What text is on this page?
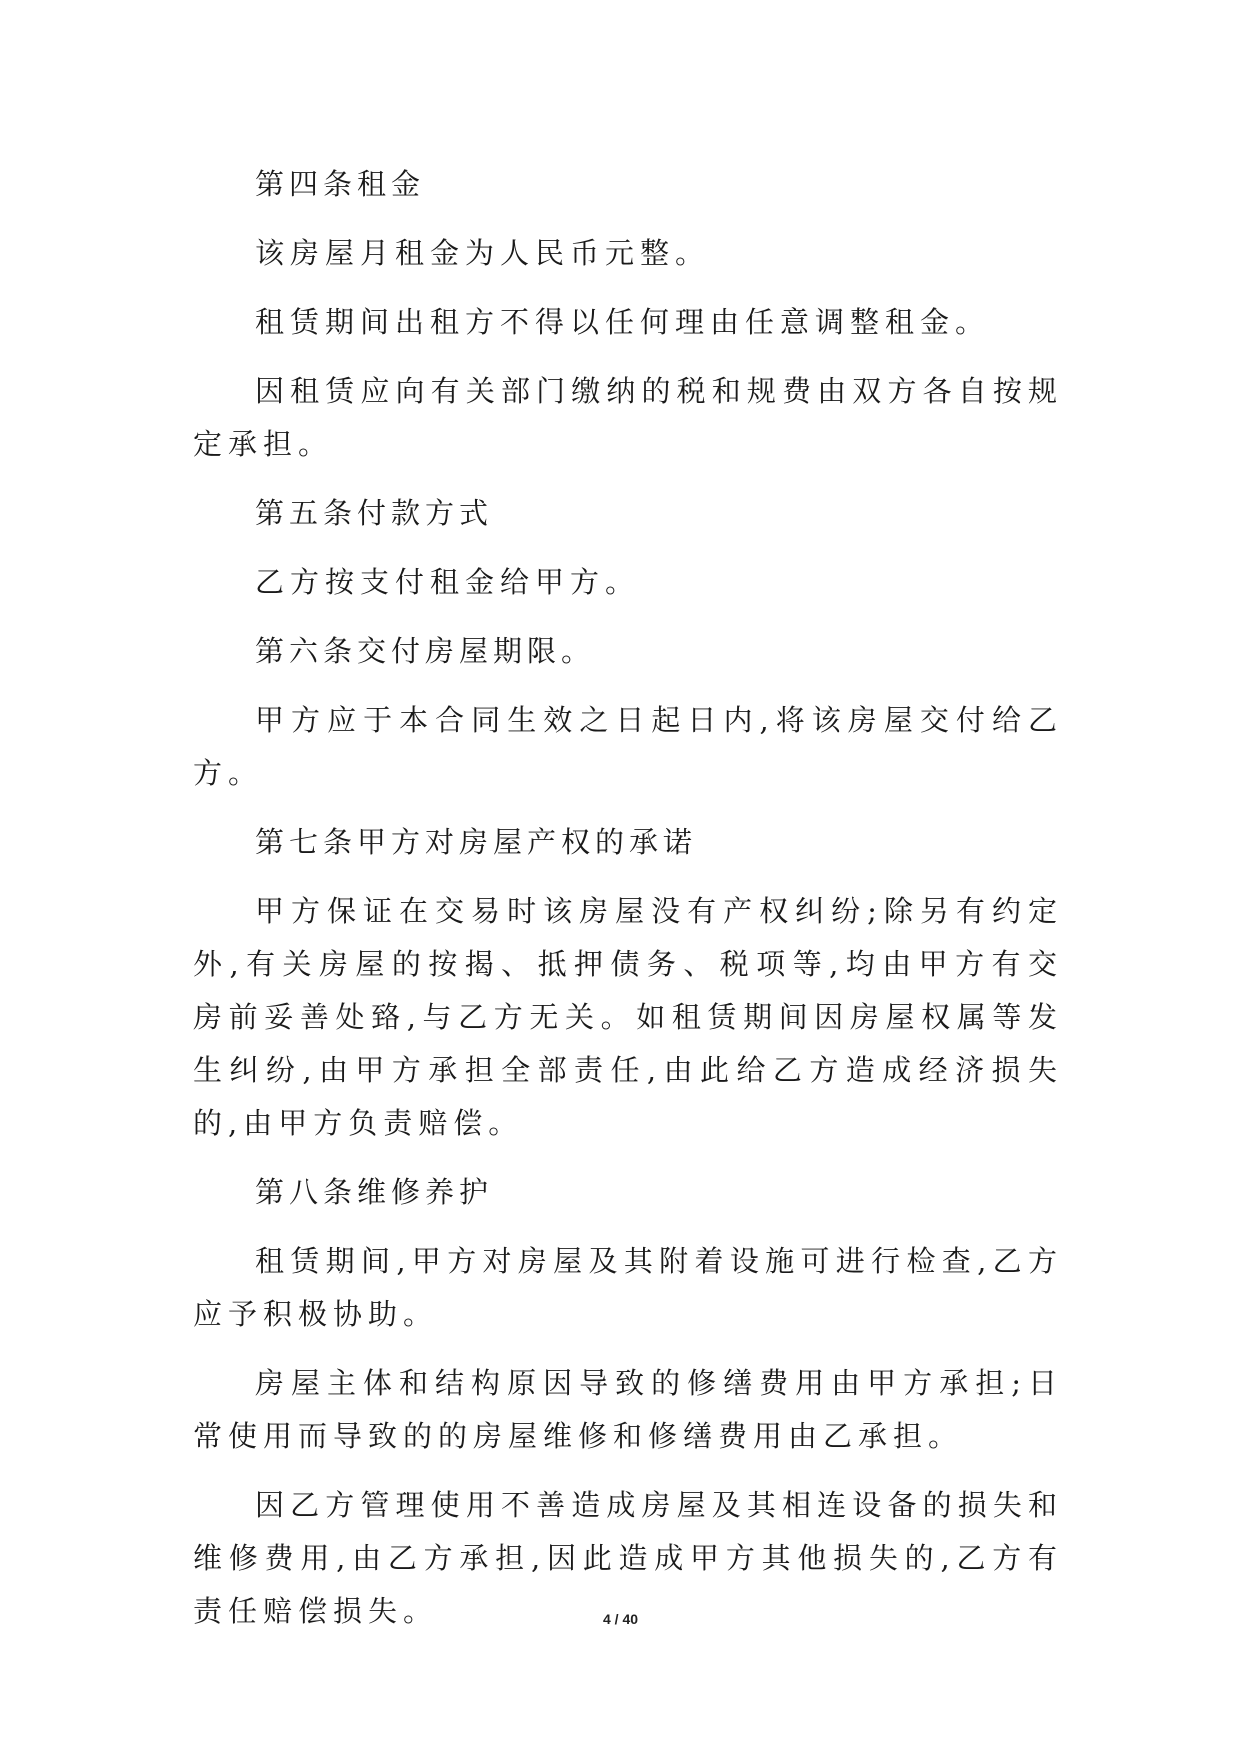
第四条租金

该房屋月租金为人民币元整。

租赁期间出租方不得以任何理由任意调整租金。

因租赁应向有关部门缴纳的税和规费由双方各自按规定承担。

第五条付款方式

乙方按支付租金给甲方。

第六条交付房屋期限。

甲方应于本合同生效之日起日内,将该房屋交付给乙方。

第七条甲方对房屋产权的承诺

甲方保证在交易时该房屋没有产权纠纷;除另有约定外,有关房屋的按揭、抵押债务、税项等,均由甲方有交房前妥善处臵,与乙方无关。如租赁期间因房屋权属等发生纠纷,由甲方承担全部责任,由此给乙方造成经济损失的,由甲方负责赔偿。

第八条维修养护

租赁期间,甲方对房屋及其附着设施可进行检查,乙方应予积极协助。

房屋主体和结构原因导致的修缮费用由甲方承担;日常使用而导致的的房屋维修和修缮费用由乙承担。

因乙方管理使用不善造成房屋及其相连设备的损失和维修费用,由乙方承担,因此造成甲方其他损失的,乙方有责任赔偿损失。	4 / 40
